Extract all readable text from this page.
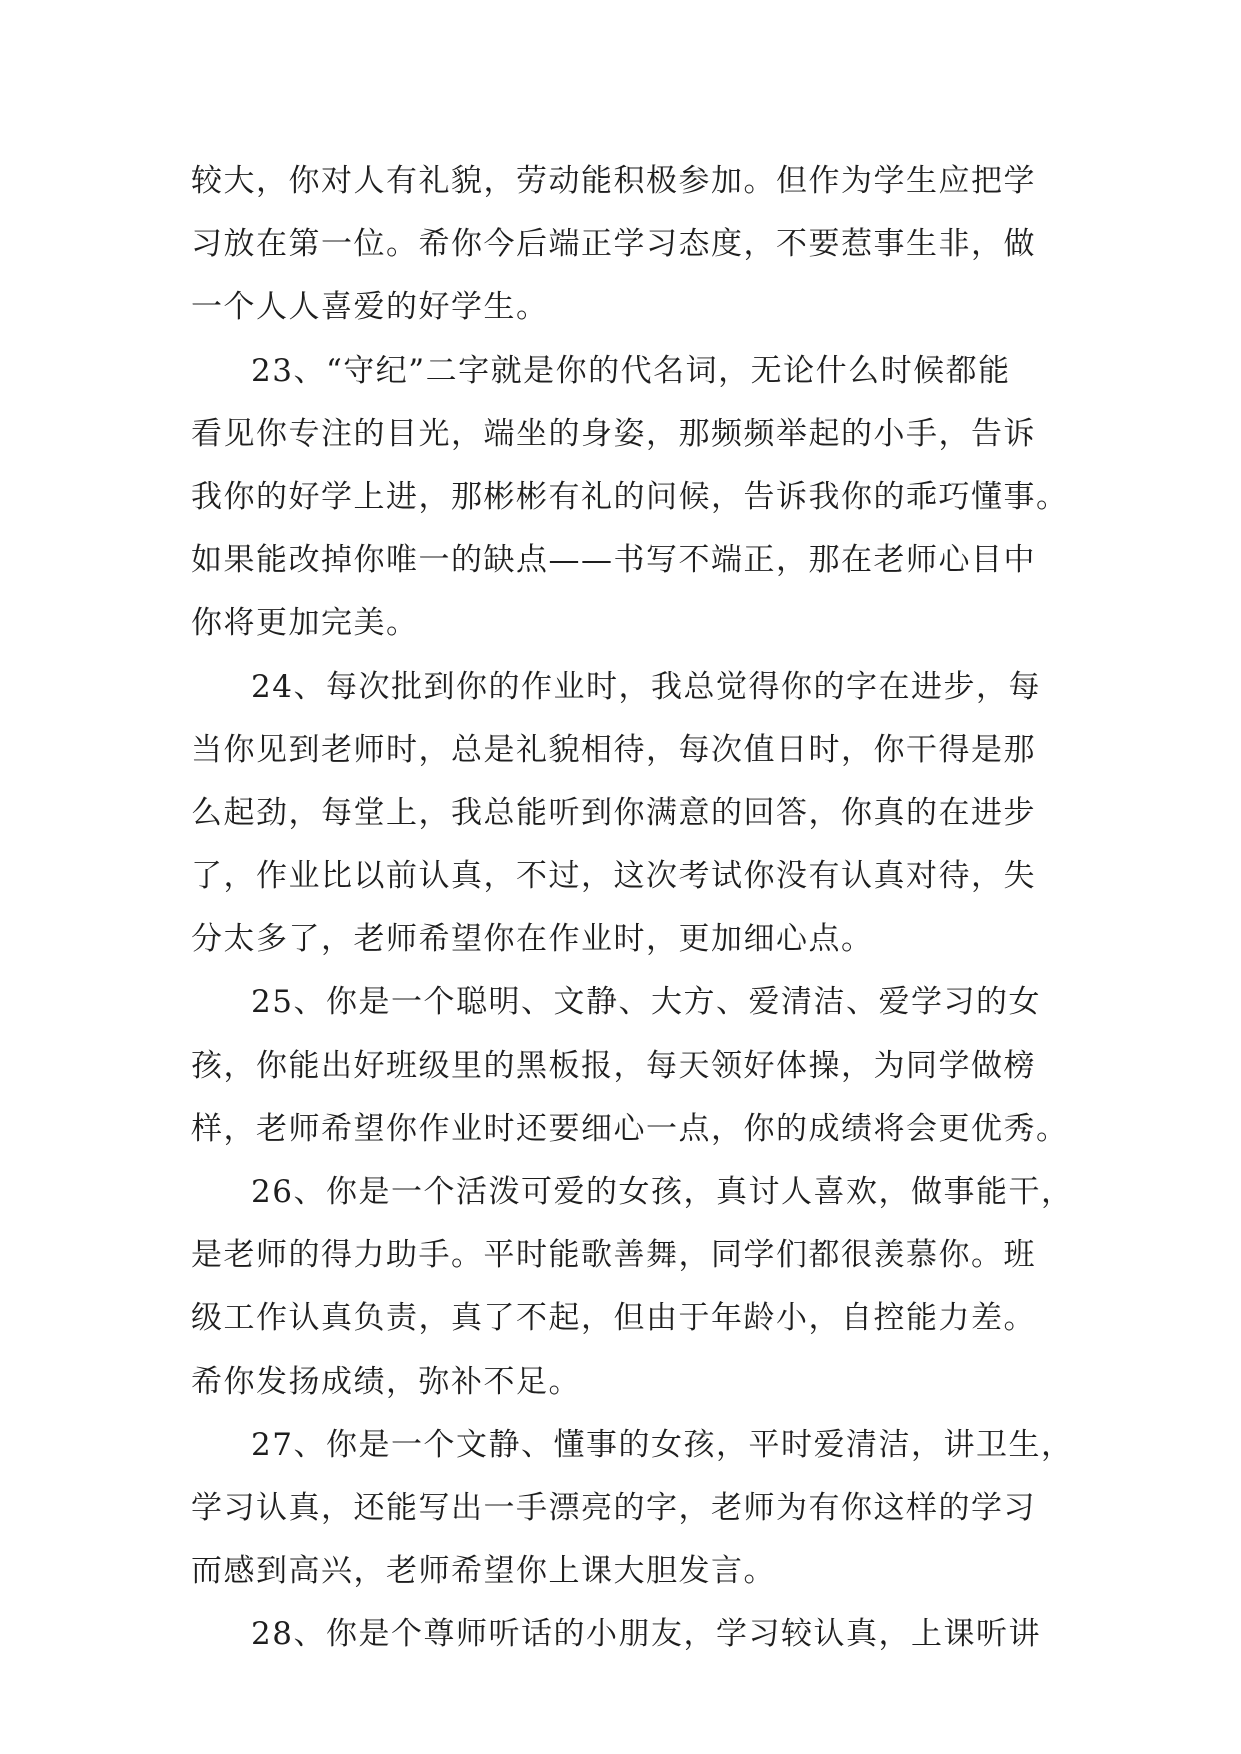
较大，你对人有礼貌，劳动能积极参加。但作为学生应把学
习放在第一位。希你今后端正学习态度，不要惹事生非，做
一个人人喜爱的好学生。
23、“守纪”二字就是你的代名词，无论什么时候都能
看见你专注的目光，端坐的身姿，那频频举起的小手，告诉
我你的好学上进，那彬彬有礼的问候，告诉我你的乖巧懂事。
如果能改掉你唯一的缺点——书写不端正，那在老师心目中
你将更加完美。
24、每次批到你的作业时，我总觉得你的字在进步，每
当你见到老师时，总是礼貌相待，每次值日时，你干得是那
么起劲，每堂上，我总能听到你满意的回答，你真的在进步
了，作业比以前认真，不过，这次考试你没有认真对待，失
分太多了，老师希望你在作业时，更加细心点。
25、你是一个聪明、文静、大方、爱清洁、爱学习的女
孩，你能出好班级里的黑板报，每天领好体操，为同学做榜
样，老师希望你作业时还要细心一点，你的成绩将会更优秀。
26、你是一个活泼可爱的女孩，真讨人喜欢，做事能干，
是老师的得力助手。平时能歌善舞，同学们都很羡慕你。班
级工作认真负责，真了不起，但由于年龄小，自控能力差。
希你发扬成绩，弥补不足。
27、你是一个文静、懂事的女孩，平时爱清洁，讲卫生，
学习认真，还能写出一手漂亮的字，老师为有你这样的学习
而感到高兴，老师希望你上课大胆发言。
28、你是个尊师听话的小朋友，学习较认真，上课听讲
